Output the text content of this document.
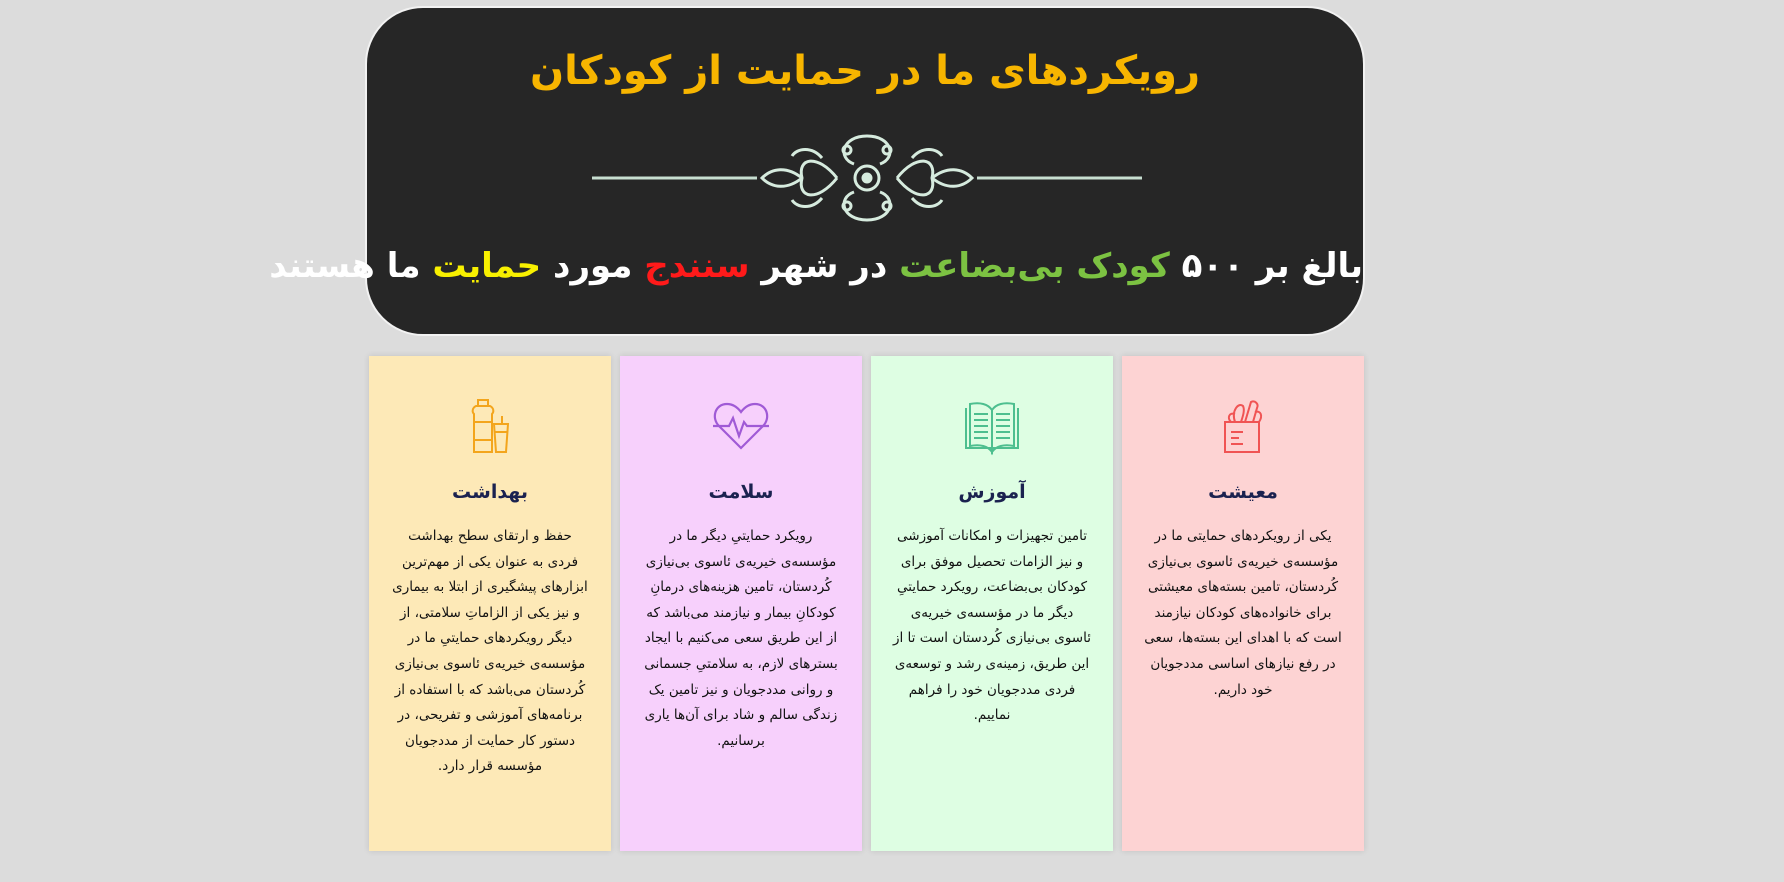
رویکردهای ما در حمایت از کودکان
بالغ بر ۵۰۰ کودک بی‌بضاعت در شهر سنندج مورد حمایت ما هستند
معیشت
یکی از رویکردهای حمایتی ما در مؤسسه‌ی خیریه‌ی ئاسوی بی‌نیازی کُردستان، تامین بسته‌های معیشتی برای خانواده‌های کودکان نیازمند است که با اهدای این بسته‌ها، سعی در رفع نیازهای اساسی مددجویان خود داریم.
آموزش
تامین تجهیزات و امکانات آموزشی و نیز الزامات تحصیل موفق برای کودکان بی‌بضاعت، رویکرد حمایتیِ دیگر ما در مؤسسه‌ی خیریه‌ی ئاسوی بی‌نیازی کُردستان است تا از این طریق، زمینه‌ی رشد و توسعه‌ی فردی مددجویان خود را فراهم نماییم.
سلامت
رویکرد حمایتیِ دیگر ما در مؤسسه‌ی خیریه‌ی ئاسوی بی‌نیازی کُردستان، تامین هزینه‌های درمانِ کودکانِ بیمار و نیازمند می‌باشد که از این طریق سعی می‌کنیم با ایجاد بسترهای لازم، به سلامتیِ جسمانی و روانی مددجویان و نیز تامین یک زندگی سالم و شاد برای آن‌ها یاری برسانیم.
بهداشت
حفظ و ارتقای سطح بهداشت فردی به عنوان یکی از مهم‌ترین ابزارهای پیشگیری از ابتلا به بیماری و نیز یکی از الزاماتِ سلامتی، از دیگر رویکردهای حمایتیِ ما در مؤسسه‌ی خیریه‌ی ئاسوی بی‌نیازی کُردستان می‌باشد که با استفاده از برنامه‌های آموزشی و تفریحی، در دستور کار حمایت از مددجویان مؤسسه قرار دارد.
